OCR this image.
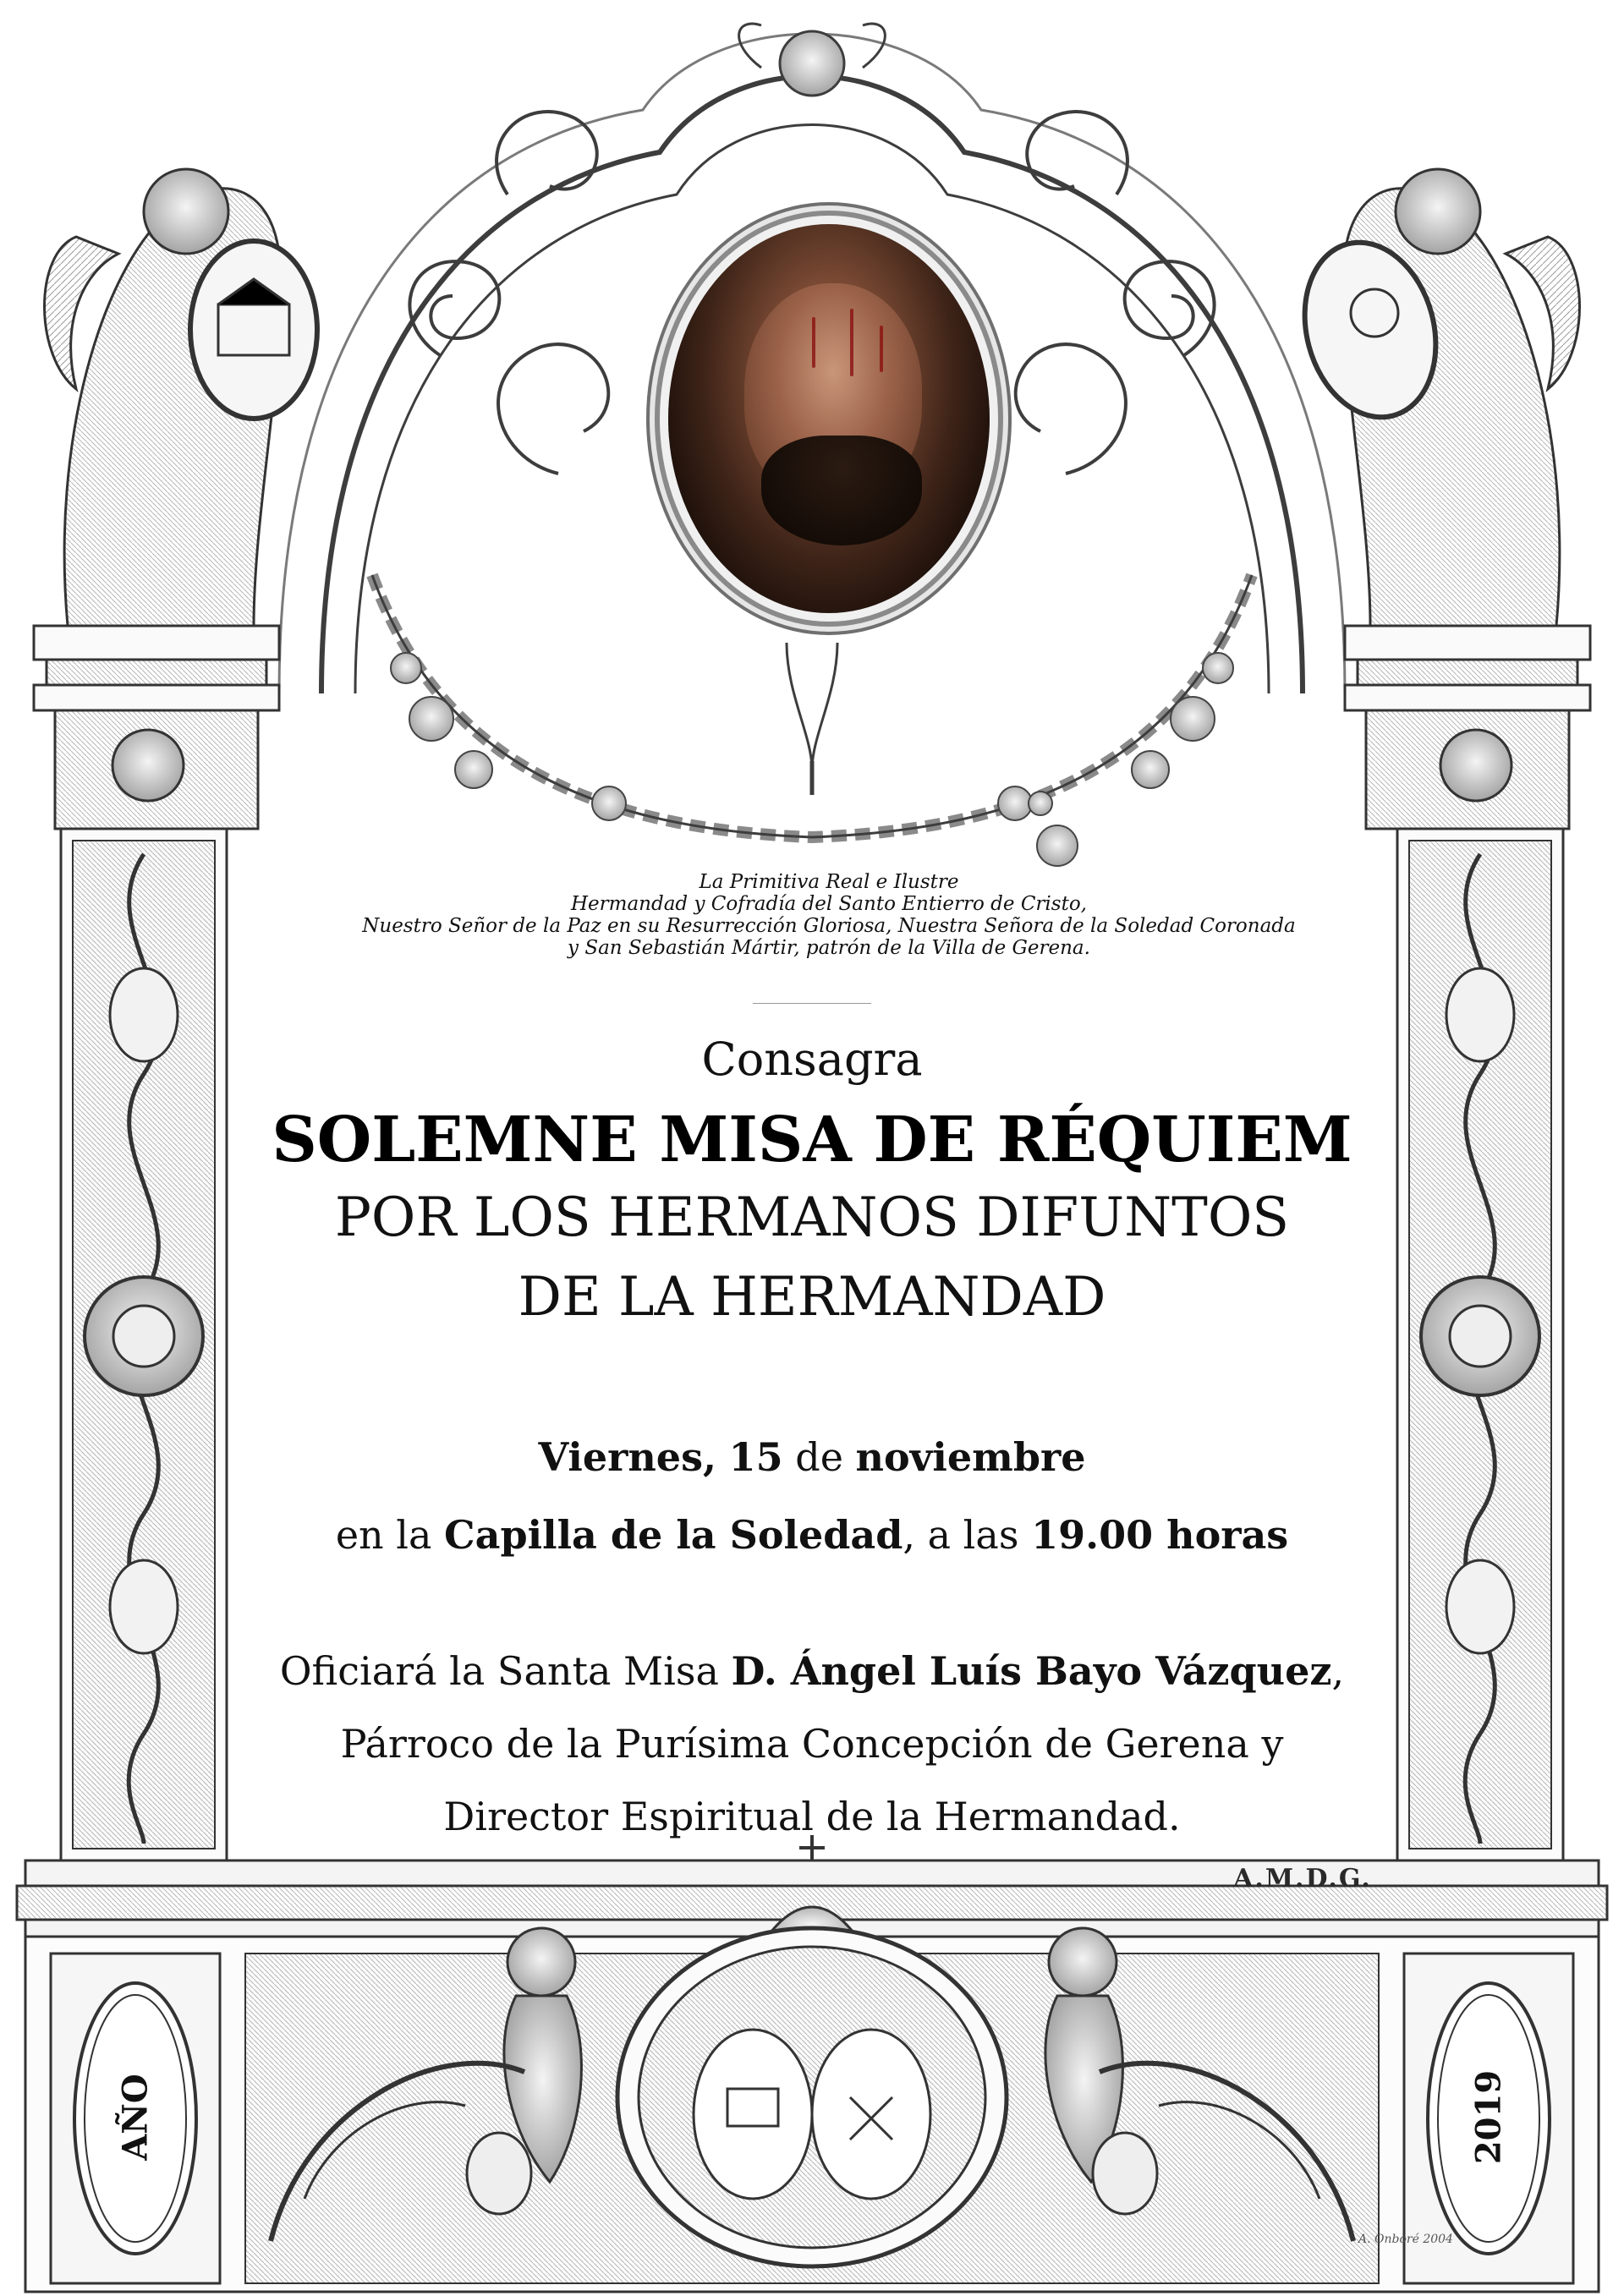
La Primitiva Real e Ilustre
Hermandad y Cofradía del Santo Entierro de Cristo,
Nuestro Señor de la Paz en su Resurrección Gloriosa, Nuestra Señora de la Soledad Coronada
y San Sebastián Mártir, patrón de la Villa de Gerena.
Consagra
SOLEMNE MISA DE RÉQUIEM
POR LOS HERMANOS DIFUNTOS
DE LA HERMANDAD
Viernes, 15 de noviembre
en la Capilla de la Soledad, a las 19.00 horas
Oficiará la Santa Misa D. Ángel Luís Bayo Vázquez,
Párroco de la Purísima Concepción de Gerena y
Director Espiritual de la Hermandad.
A.M.D.G.
AÑO	2019
A. Onboré 2004
